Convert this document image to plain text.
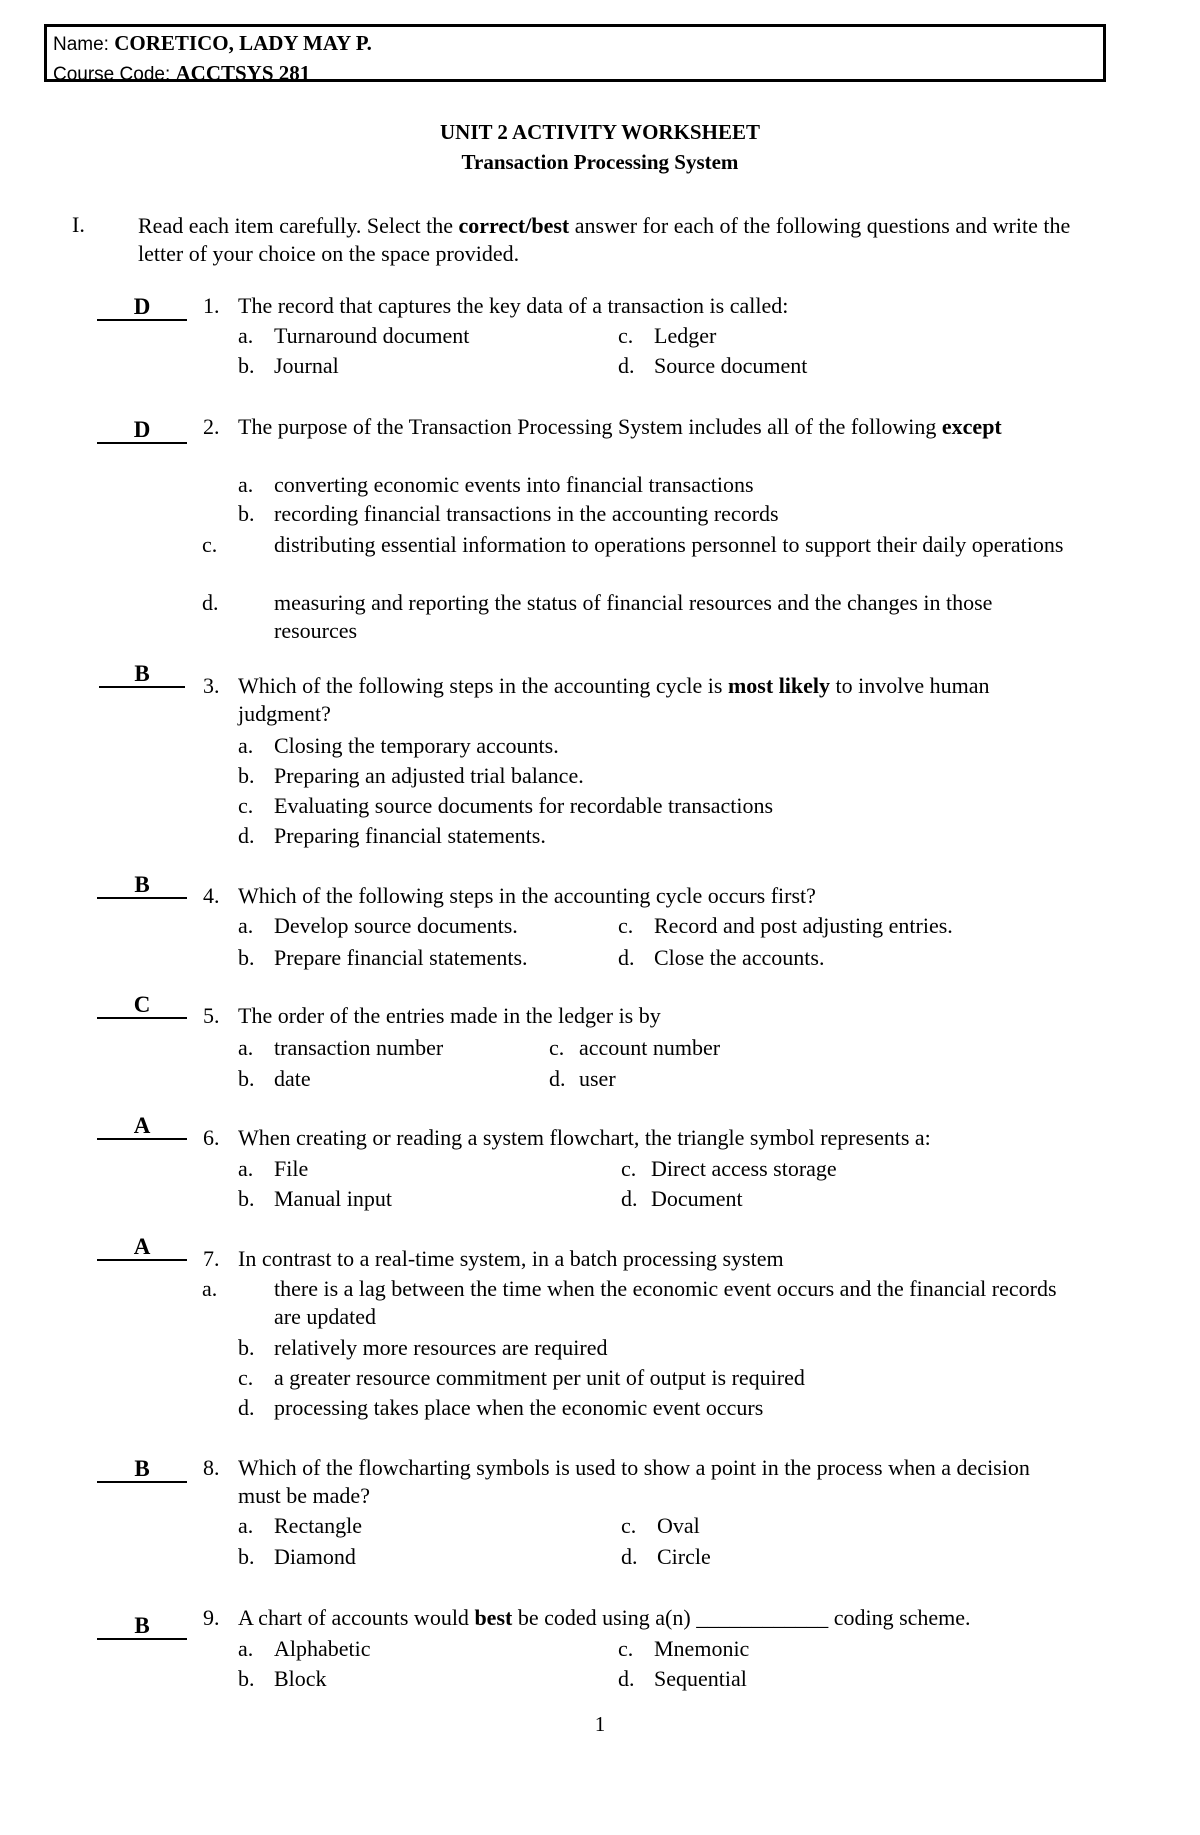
Name: CORETICO, LADY MAY P.
Course Code: ACCTSYS 281
UNIT 2 ACTIVITY WORKSHEET
Transaction Processing System
I. Read each item carefully. Select the correct/best answer for each of the following questions and write the letter of your choice on the space provided.
D	1. The record that captures the key data of a transaction is called:
a. Turnaround document
b. Journal
c. Ledger
d. Source document
D	2. The purpose of the Transaction Processing System includes all of the following except
a. converting economic events into financial transactions
b. recording financial transactions in the accounting records
c.	distributing essential information to operations personnel to support their daily operations
d.	measuring and reporting the status of financial resources and the changes in those resources
B	3. Which of the following steps in the accounting cycle is most likely to involve human judgment?
a. Closing the temporary accounts.
b. Preparing an adjusted trial balance.
c. Evaluating source documents for recordable transactions
d. Preparing financial statements.
B	4. Which of the following steps in the accounting cycle occurs first?
a. Develop source documents.
b. Prepare financial statements.
c. Record and post adjusting entries.
d. Close the accounts.
C	5. The order of the entries made in the ledger is by
a. transaction number
b. date
c. account number
d. user
A	6. When creating or reading a system flowchart, the triangle symbol represents a:
a. File
b. Manual input
c. Direct access storage
d. Document
A	7. In contrast to a real-time system, in a batch processing system
a.	there is a lag between the time when the economic event occurs and the financial records are updated
b. relatively more resources are required
c. a greater resource commitment per unit of output is required
d. processing takes place when the economic event occurs
B	8. Which of the flowcharting symbols is used to show a point in the process when a decision must be made?
a. Rectangle
b. Diamond
c. Oval
d. Circle
B	9. A chart of accounts would best be coded using a(n) ____________ coding scheme.
a. Alphabetic
b. Block
c. Mnemonic
d. Sequential
1
